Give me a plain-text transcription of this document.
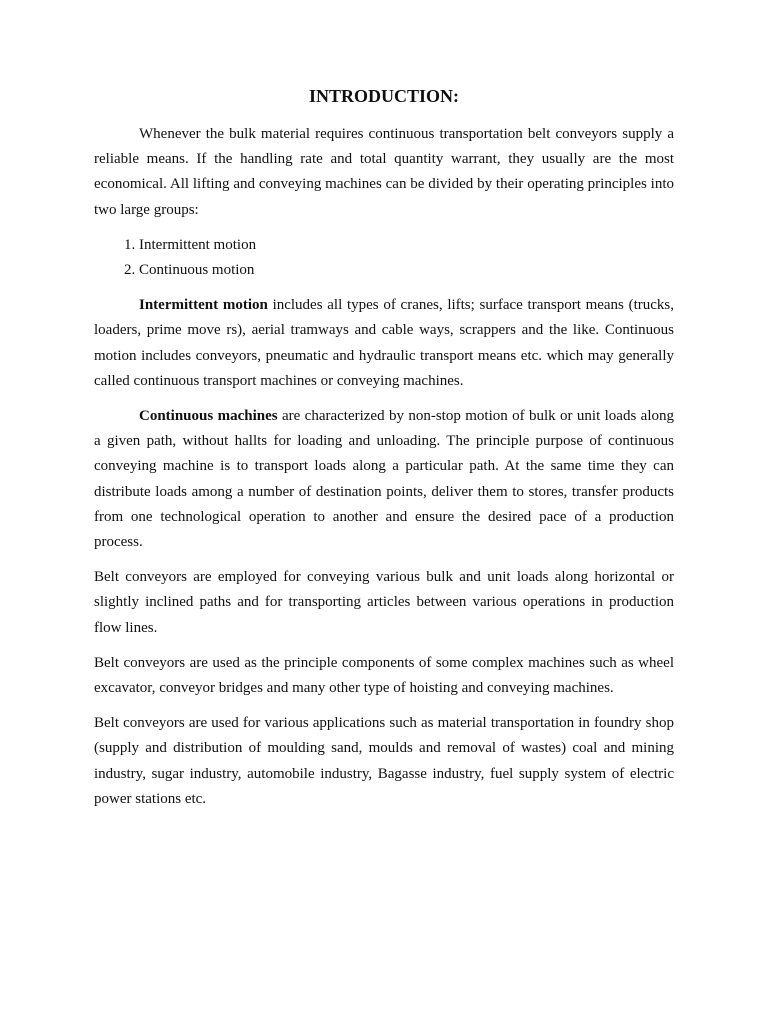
INTRODUCTION:

Whenever the bulk material requires continuous transportation belt conveyors supply a reliable means. If the handling rate and total quantity warrant, they usually are the most economical. All lifting and conveying machines can be divided by their operating principles into two large groups:

1. Intermittent motion
2. Continuous motion

Intermittent motion includes all types of cranes, lifts; surface transport means (trucks, loaders, prime move rs), aerial tramways and cable ways, scrappers and the like. Continuous motion includes conveyors, pneumatic and hydraulic transport means etc. which may generally called continuous transport machines or conveying machines.

Continuous machines are characterized by non-stop motion of bulk or unit loads along a given path, without hallts for loading and unloading. The principle purpose of continuous conveying machine is to transport loads along a particular path. At the same time they can distribute loads among a number of destination points, deliver them to stores, transfer products from one technological operation to another and ensure the desired pace of a production process.

Belt conveyors are employed for conveying various bulk and unit loads along horizontal or slightly inclined paths and for transporting articles between various operations in production flow lines.

Belt conveyors are used as the principle components of some complex machines such as wheel excavator, conveyor bridges and many other type of hoisting and conveying machines.

Belt conveyors are used for various applications such as material transportation in foundry shop (supply and distribution of moulding sand, moulds and removal of wastes) coal and mining industry, sugar industry, automobile industry, Bagasse industry, fuel supply system of electric power stations etc.
